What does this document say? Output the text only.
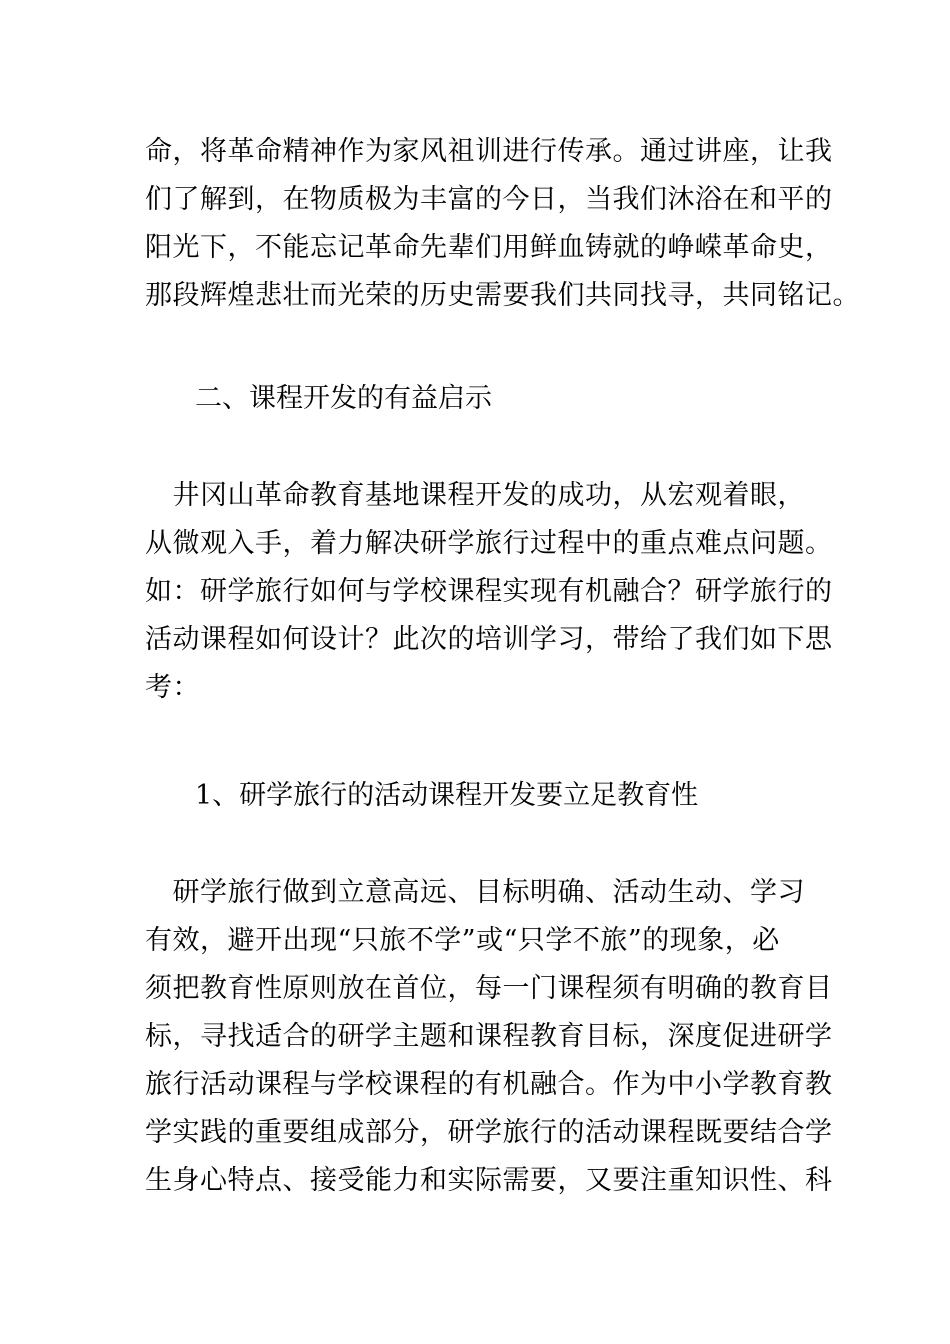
命，将革命精神作为家风祖训进行传承。通过讲座，让我
们了解到，在物质极为丰富的今日，当我们沐浴在和平的
阳光下，不能忘记革命先辈们用鲜血铸就的峥嵘革命史，
那段辉煌悲壮而光荣的历史需要我们共同找寻，共同铭记。
二、课程开发的有益启示
　井冈山革命教育基地课程开发的成功，从宏观着眼，
从微观入手，着力解决研学旅行过程中的重点难点问题。
如：研学旅行如何与学校课程实现有机融合？研学旅行的
活动课程如何设计？此次的培训学习，带给了我们如下思
考：
1、研学旅行的活动课程开发要立足教育性
　研学旅行做到立意高远、目标明确、活动生动、学习
有效，避开出现“只旅不学”或“只学不旅”的现象，必
须把教育性原则放在首位，每一门课程须有明确的教育目
标，寻找适合的研学主题和课程教育目标，深度促进研学
旅行活动课程与学校课程的有机融合。作为中小学教育教
学实践的重要组成部分，研学旅行的活动课程既要结合学
生身心特点、接受能力和实际需要，又要注重知识性、科
